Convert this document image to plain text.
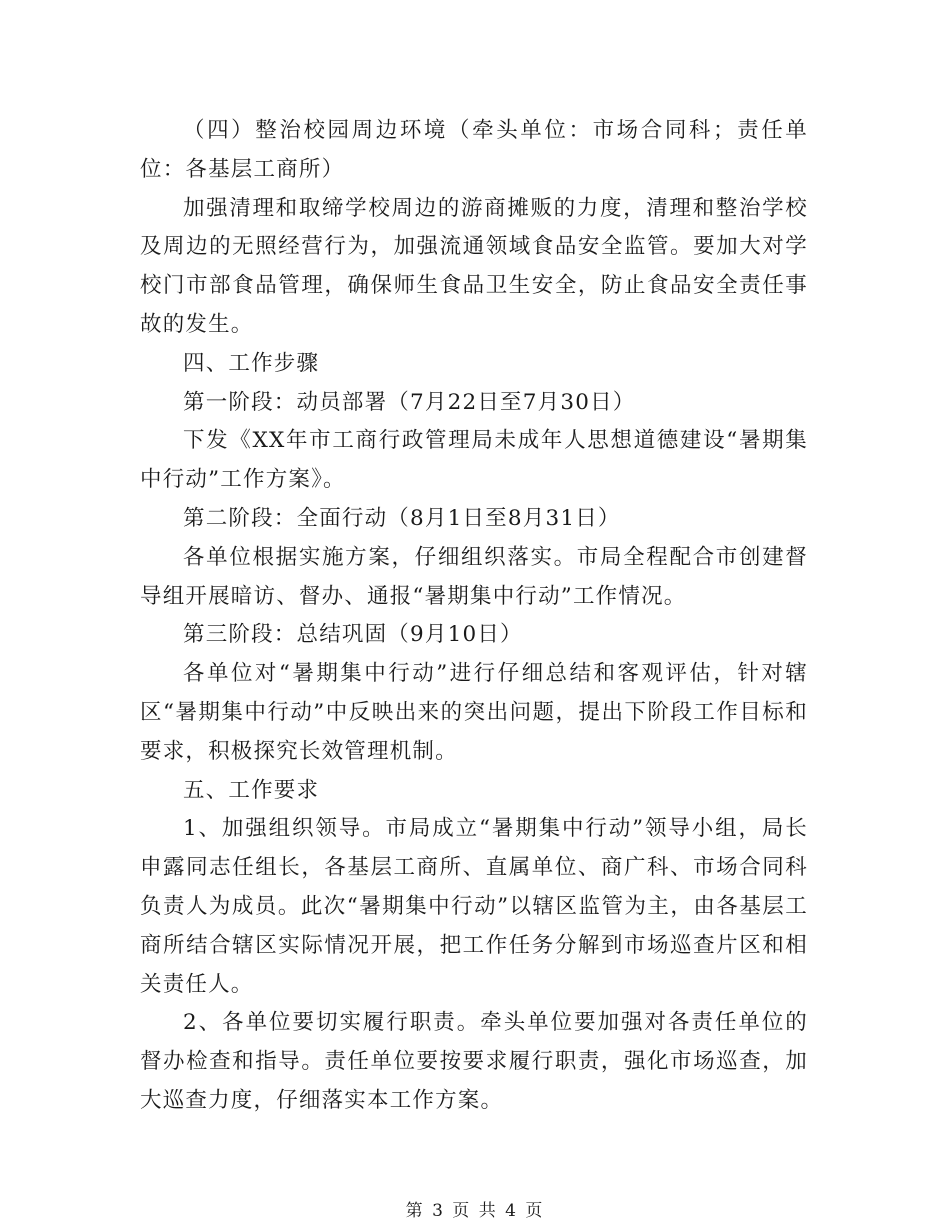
（四）整治校园周边环境（牵头单位：市场合同科；责任单位：各基层工商所）

加强清理和取缔学校周边的游商摊贩的力度，清理和整治学校及周边的无照经营行为，加强流通领域食品安全监管。要加大对学校门市部食品管理，确保师生食品卫生安全，防止食品安全责任事故的发生。

四、工作步骤

第一阶段：动员部署（7月22日至7月30日）

下发《XX年市工商行政管理局未成年人思想道德建设“暑期集中行动”工作方案》。

第二阶段：全面行动（8月1日至8月31日）

各单位根据实施方案，仔细组织落实。市局全程配合市创建督导组开展暗访、督办、通报“暑期集中行动”工作情况。

第三阶段：总结巩固（9月10日）

各单位对“暑期集中行动”进行仔细总结和客观评估，针对辖区“暑期集中行动”中反映出来的突出问题，提出下阶段工作目标和要求，积极探究长效管理机制。

五、工作要求

1、加强组织领导。市局成立“暑期集中行动”领导小组，局长申露同志任组长，各基层工商所、直属单位、商广科、市场合同科负责人为成员。此次“暑期集中行动”以辖区监管为主，由各基层工商所结合辖区实际情况开展，把工作任务分解到市场巡查片区和相关责任人。

2、各单位要切实履行职责。牵头单位要加强对各责任单位的督办检查和指导。责任单位要按要求履行职责，强化市场巡查，加大巡查力度，仔细落实本工作方案。

第 3 页 共 4 页
